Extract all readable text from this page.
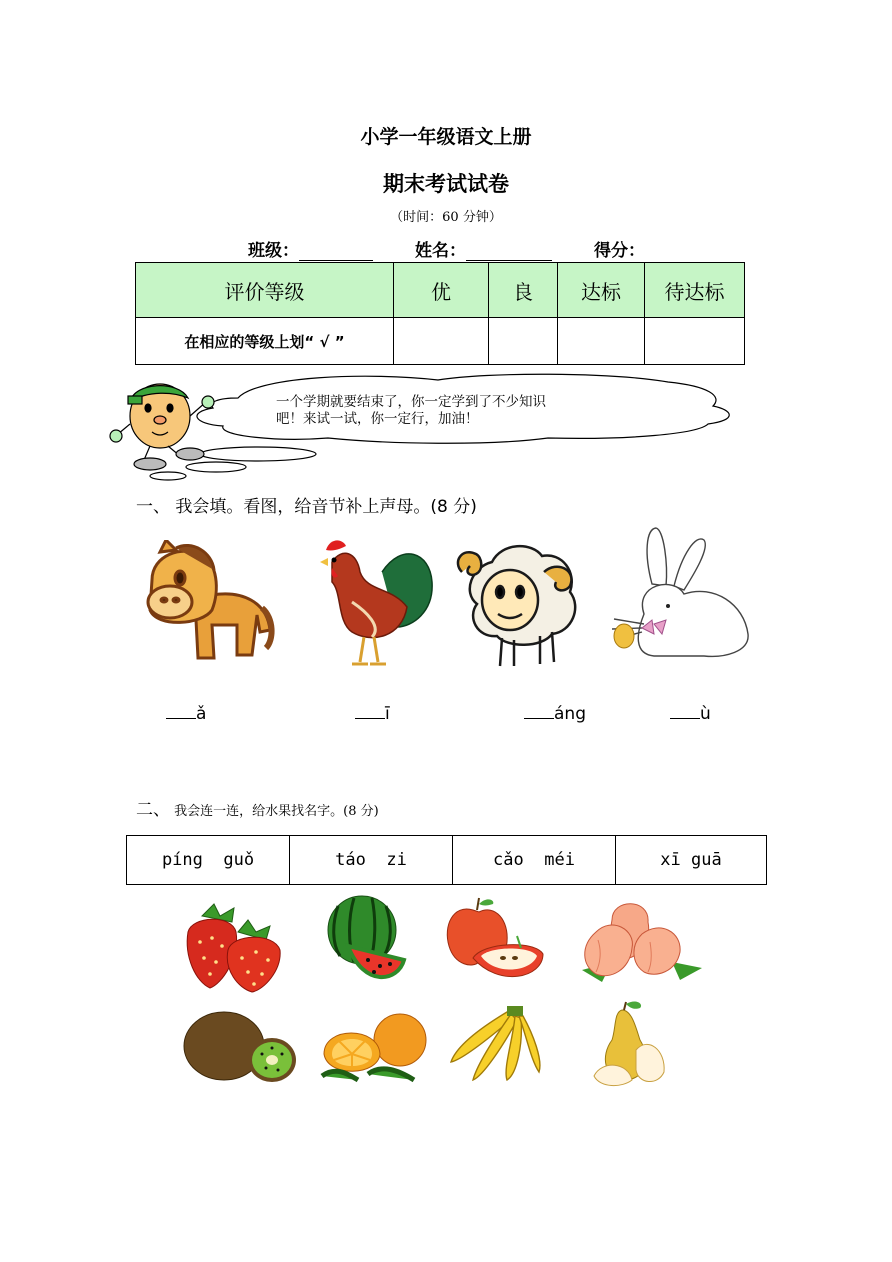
小学一年级语文上册
期末考试试卷
（时间：60 分钟）
班级：	姓名：	得分：
评价等级	优	良	达标	待达标
在相应的等级上划“ √ ”				
一个学期就要结束了，你一定学到了不少知识
吧！来试一试，你一定行，加油！
一、 我会填。看图，给音节补上声母。(8 分)
ǎ	ī	áng	ù
二、 我会连一连，给水果找名字。(8 分)
píng  guǒ	táo  zi	cǎo  méi	xī guā
